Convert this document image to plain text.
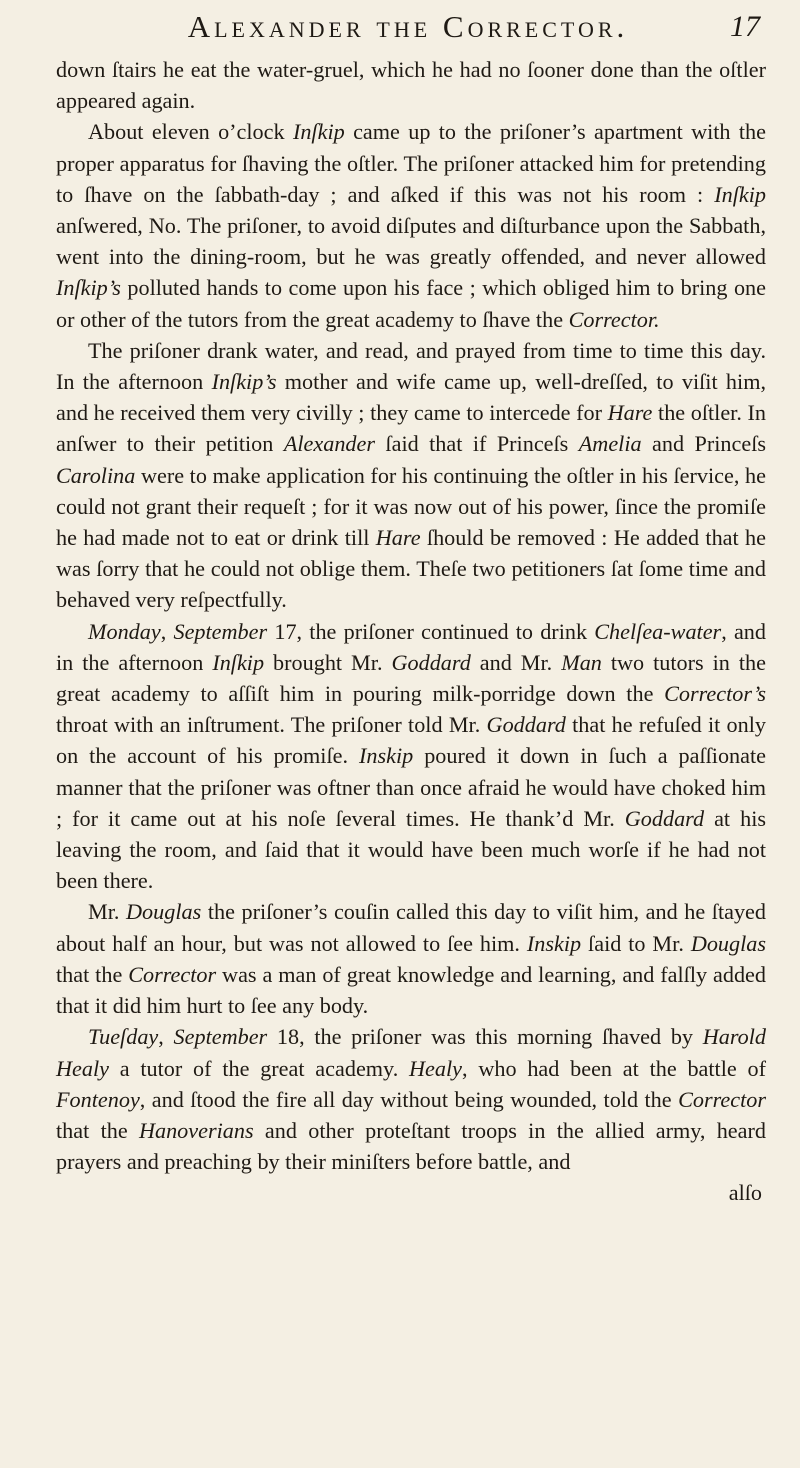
Alexander the Corrector.	17

down ſtairs he eat the water-gruel, which he had no ſooner done than the oſtler appeared again.

About eleven o’clock Inſkip came up to the priſoner’s apartment with the proper apparatus for ſhaving the oſtler. The priſoner attacked him for pretending to ſhave on the ſabbath-day ; and aſked if this was not his room : Inſkip anſwered, No. The priſoner, to avoid diſputes and diſturbance upon the Sabbath, went into the dining-room, but he was greatly offended, and never allowed Inſkip’s polluted hands to come upon his face ; which obliged him to bring one or other of the tutors from the great academy to ſhave the Corrector.

The priſoner drank water, and read, and prayed from time to time this day. In the afternoon Inſkip’s mother and wife came up, well-dreſſed, to viſit him, and he received them very civilly ; they came to intercede for Hare the oſtler. In anſwer to their petition Alexander ſaid that if Princeſs Amelia and Princeſs Carolina were to make application for his continuing the oſtler in his ſervice, he could not grant their requeſt ; for it was now out of his power, ſince the promiſe he had made not to eat or drink till Hare ſhould be removed : He added that he was ſorry that he could not oblige them. Theſe two petitioners ſat ſome time and behaved very reſpectfully.

Monday, September 17, the priſoner continued to drink Chelſea-water, and in the afternoon Inſkip brought Mr. Goddard and Mr. Man two tutors in the great academy to aſſiſt him in pouring milk-porridge down the Corrector’s throat with an inſtrument. The priſoner told Mr. Goddard that he refuſed it only on the account of his promiſe. Inskip poured it down in ſuch a paſſionate manner that the priſoner was oftner than once afraid he would have choked him ; for it came out at his noſe ſeveral times. He thank’d Mr. Goddard at his leaving the room, and ſaid that it would have been much worſe if he had not been there.

Mr. Douglas the priſoner’s couſin called this day to viſit him, and he ſtayed about half an hour, but was not allowed to ſee him. Inskip ſaid to Mr. Douglas that the Corrector was a man of great knowledge and learning, and falſly added that it did him hurt to ſee any body.

Tueſday, September 18, the priſoner was this morning ſhaved by Harold Healy a tutor of the great academy. Healy, who had been at the battle of Fontenoy, and ſtood the fire all day without being wounded, told the Corrector that the Hanoverians and other proteſtant troops in the allied army, heard prayers and preaching by their miniſters before battle, and

alſo
